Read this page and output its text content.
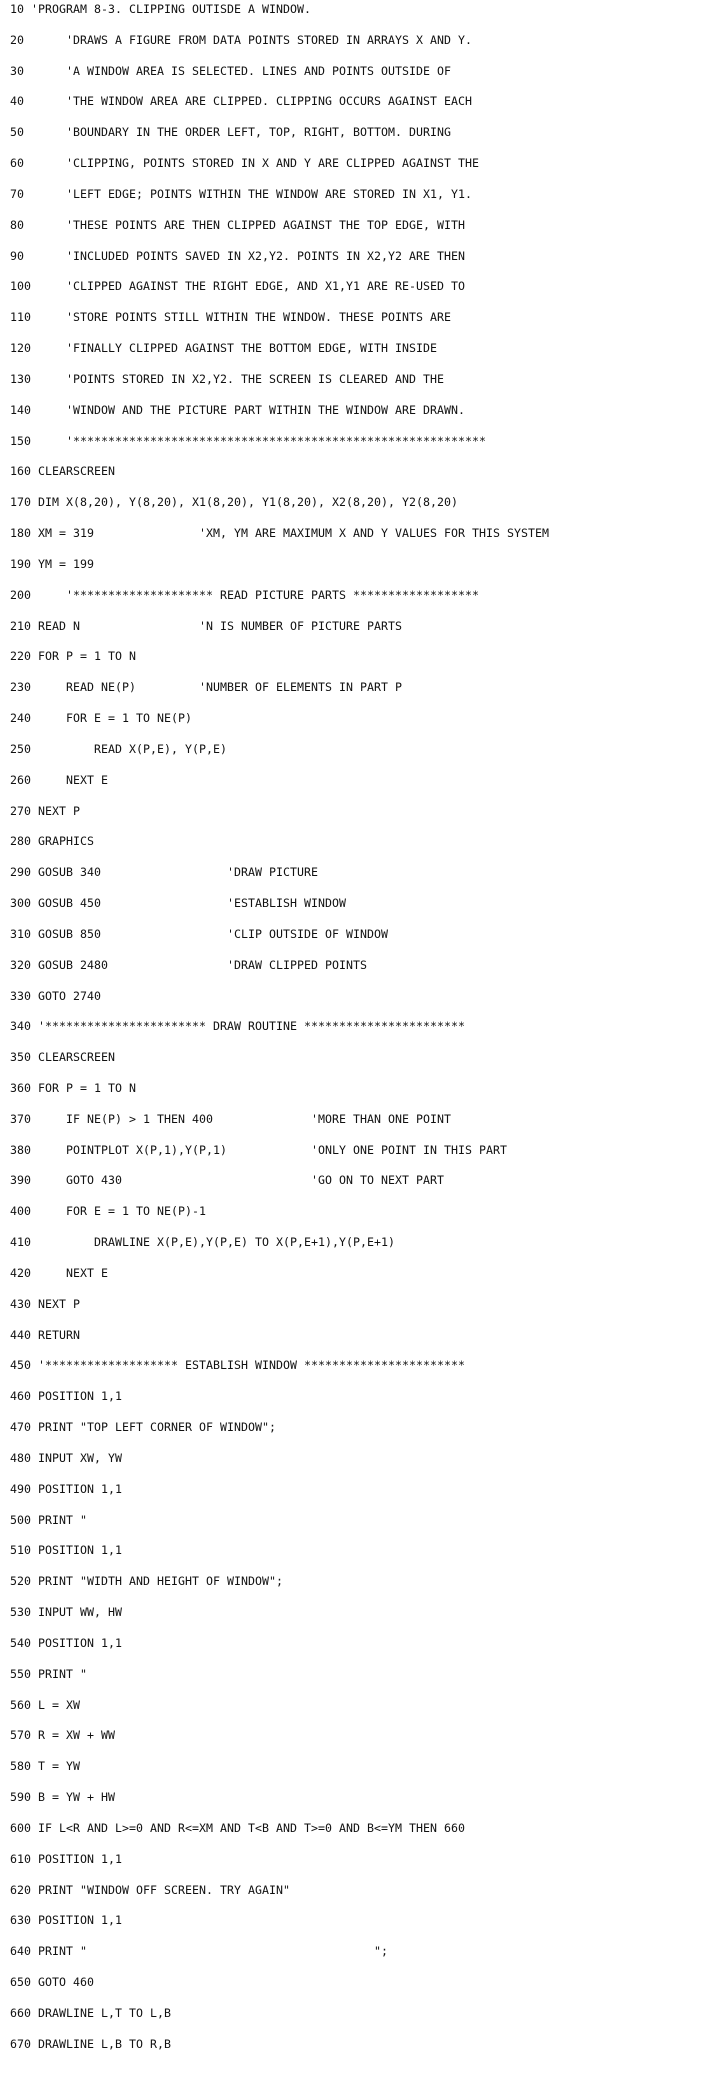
10 'PROGRAM 8-3. CLIPPING OUTISDE A WINDOW.

20      'DRAWS A FIGURE FROM DATA POINTS STORED IN ARRAYS X AND Y.

30      'A WINDOW AREA IS SELECTED. LINES AND POINTS OUTSIDE OF

40      'THE WINDOW AREA ARE CLIPPED. CLIPPING OCCURS AGAINST EACH

50      'BOUNDARY IN THE ORDER LEFT, TOP, RIGHT, BOTTOM. DURING

60      'CLIPPING, POINTS STORED IN X AND Y ARE CLIPPED AGAINST THE

70      'LEFT EDGE; POINTS WITHIN THE WINDOW ARE STORED IN X1, Y1.

80      'THESE POINTS ARE THEN CLIPPED AGAINST THE TOP EDGE, WITH

90      'INCLUDED POINTS SAVED IN X2,Y2. POINTS IN X2,Y2 ARE THEN

100     'CLIPPED AGAINST THE RIGHT EDGE, AND X1,Y1 ARE RE-USED TO

110     'STORE POINTS STILL WITHIN THE WINDOW. THESE POINTS ARE

120     'FINALLY CLIPPED AGAINST THE BOTTOM EDGE, WITH INSIDE

130     'POINTS STORED IN X2,Y2. THE SCREEN IS CLEARED AND THE

140     'WINDOW AND THE PICTURE PART WITHIN THE WINDOW ARE DRAWN.

150     '***********************************************************

160 CLEARSCREEN

170 DIM X(8,20), Y(8,20), X1(8,20), Y1(8,20), X2(8,20), Y2(8,20)

180 XM = 319               'XM, YM ARE MAXIMUM X AND Y VALUES FOR THIS SYSTEM

190 YM = 199

200     '******************** READ PICTURE PARTS ******************

210 READ N                 'N IS NUMBER OF PICTURE PARTS

220 FOR P = 1 TO N

230     READ NE(P)         'NUMBER OF ELEMENTS IN PART P

240     FOR E = 1 TO NE(P)

250         READ X(P,E), Y(P,E)

260     NEXT E

270 NEXT P

280 GRAPHICS

290 GOSUB 340                  'DRAW PICTURE

300 GOSUB 450                  'ESTABLISH WINDOW

310 GOSUB 850                  'CLIP OUTSIDE OF WINDOW

320 GOSUB 2480                 'DRAW CLIPPED POINTS

330 GOTO 2740

340 '*********************** DRAW ROUTINE ***********************

350 CLEARSCREEN

360 FOR P = 1 TO N

370     IF NE(P) > 1 THEN 400              'MORE THAN ONE POINT

380     POINTPLOT X(P,1),Y(P,1)            'ONLY ONE POINT IN THIS PART

390     GOTO 430                           'GO ON TO NEXT PART

400     FOR E = 1 TO NE(P)-1

410         DRAWLINE X(P,E),Y(P,E) TO X(P,E+1),Y(P,E+1)

420     NEXT E

430 NEXT P

440 RETURN

450 '******************* ESTABLISH WINDOW ***********************

460 POSITION 1,1

470 PRINT "TOP LEFT CORNER OF WINDOW";

480 INPUT XW, YW

490 POSITION 1,1

500 PRINT "

510 POSITION 1,1

520 PRINT "WIDTH AND HEIGHT OF WINDOW";

530 INPUT WW, HW

540 POSITION 1,1

550 PRINT "

560 L = XW

570 R = XW + WW

580 T = YW

590 B = YW + HW

600 IF L<R AND L>=0 AND R<=XM AND T<B AND T>=0 AND B<=YM THEN 660

610 POSITION 1,1

620 PRINT "WINDOW OFF SCREEN. TRY AGAIN"

630 POSITION 1,1

640 PRINT "                                         ";

650 GOTO 460

660 DRAWLINE L,T TO L,B

670 DRAWLINE L,B TO R,B
